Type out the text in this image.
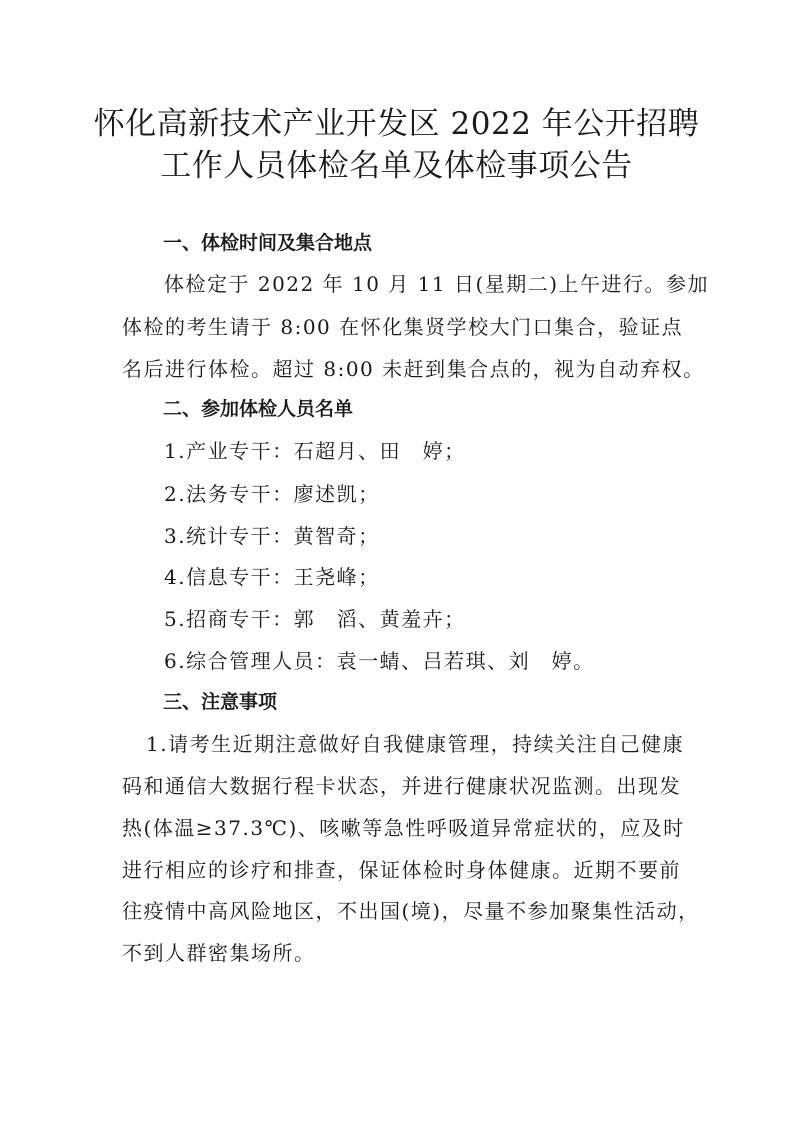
怀化高新技术产业开发区 2022 年公开招聘
工作人员体检名单及体检事项公告
一、体检时间及集合地点
体检定于 2022 年 10 月 11 日(星期二)上午进行。参加
体检的考生请于 8:00 在怀化集贤学校大门口集合，验证点
名后进行体检。超过 8:00 未赶到集合点的，视为自动弃权。
二、参加体检人员名单
1.产业专干：石超月、田　婷；
2.法务专干：廖述凯；
3.统计专干：黄智奇；
4.信息专干：王尧峰；
5.招商专干：郭　滔、黄羞卉；
6.综合管理人员：袁一蜻、吕若琪、刘　婷。
三、注意事项
1.请考生近期注意做好自我健康管理，持续关注自己健康
码和通信大数据行程卡状态，并进行健康状况监测。出现发
热(体温≥37.3℃)、咳嗽等急性呼吸道异常症状的，应及时
进行相应的诊疗和排查，保证体检时身体健康。近期不要前
往疫情中高风险地区，不出国(境)，尽量不参加聚集性活动，
不到人群密集场所。
